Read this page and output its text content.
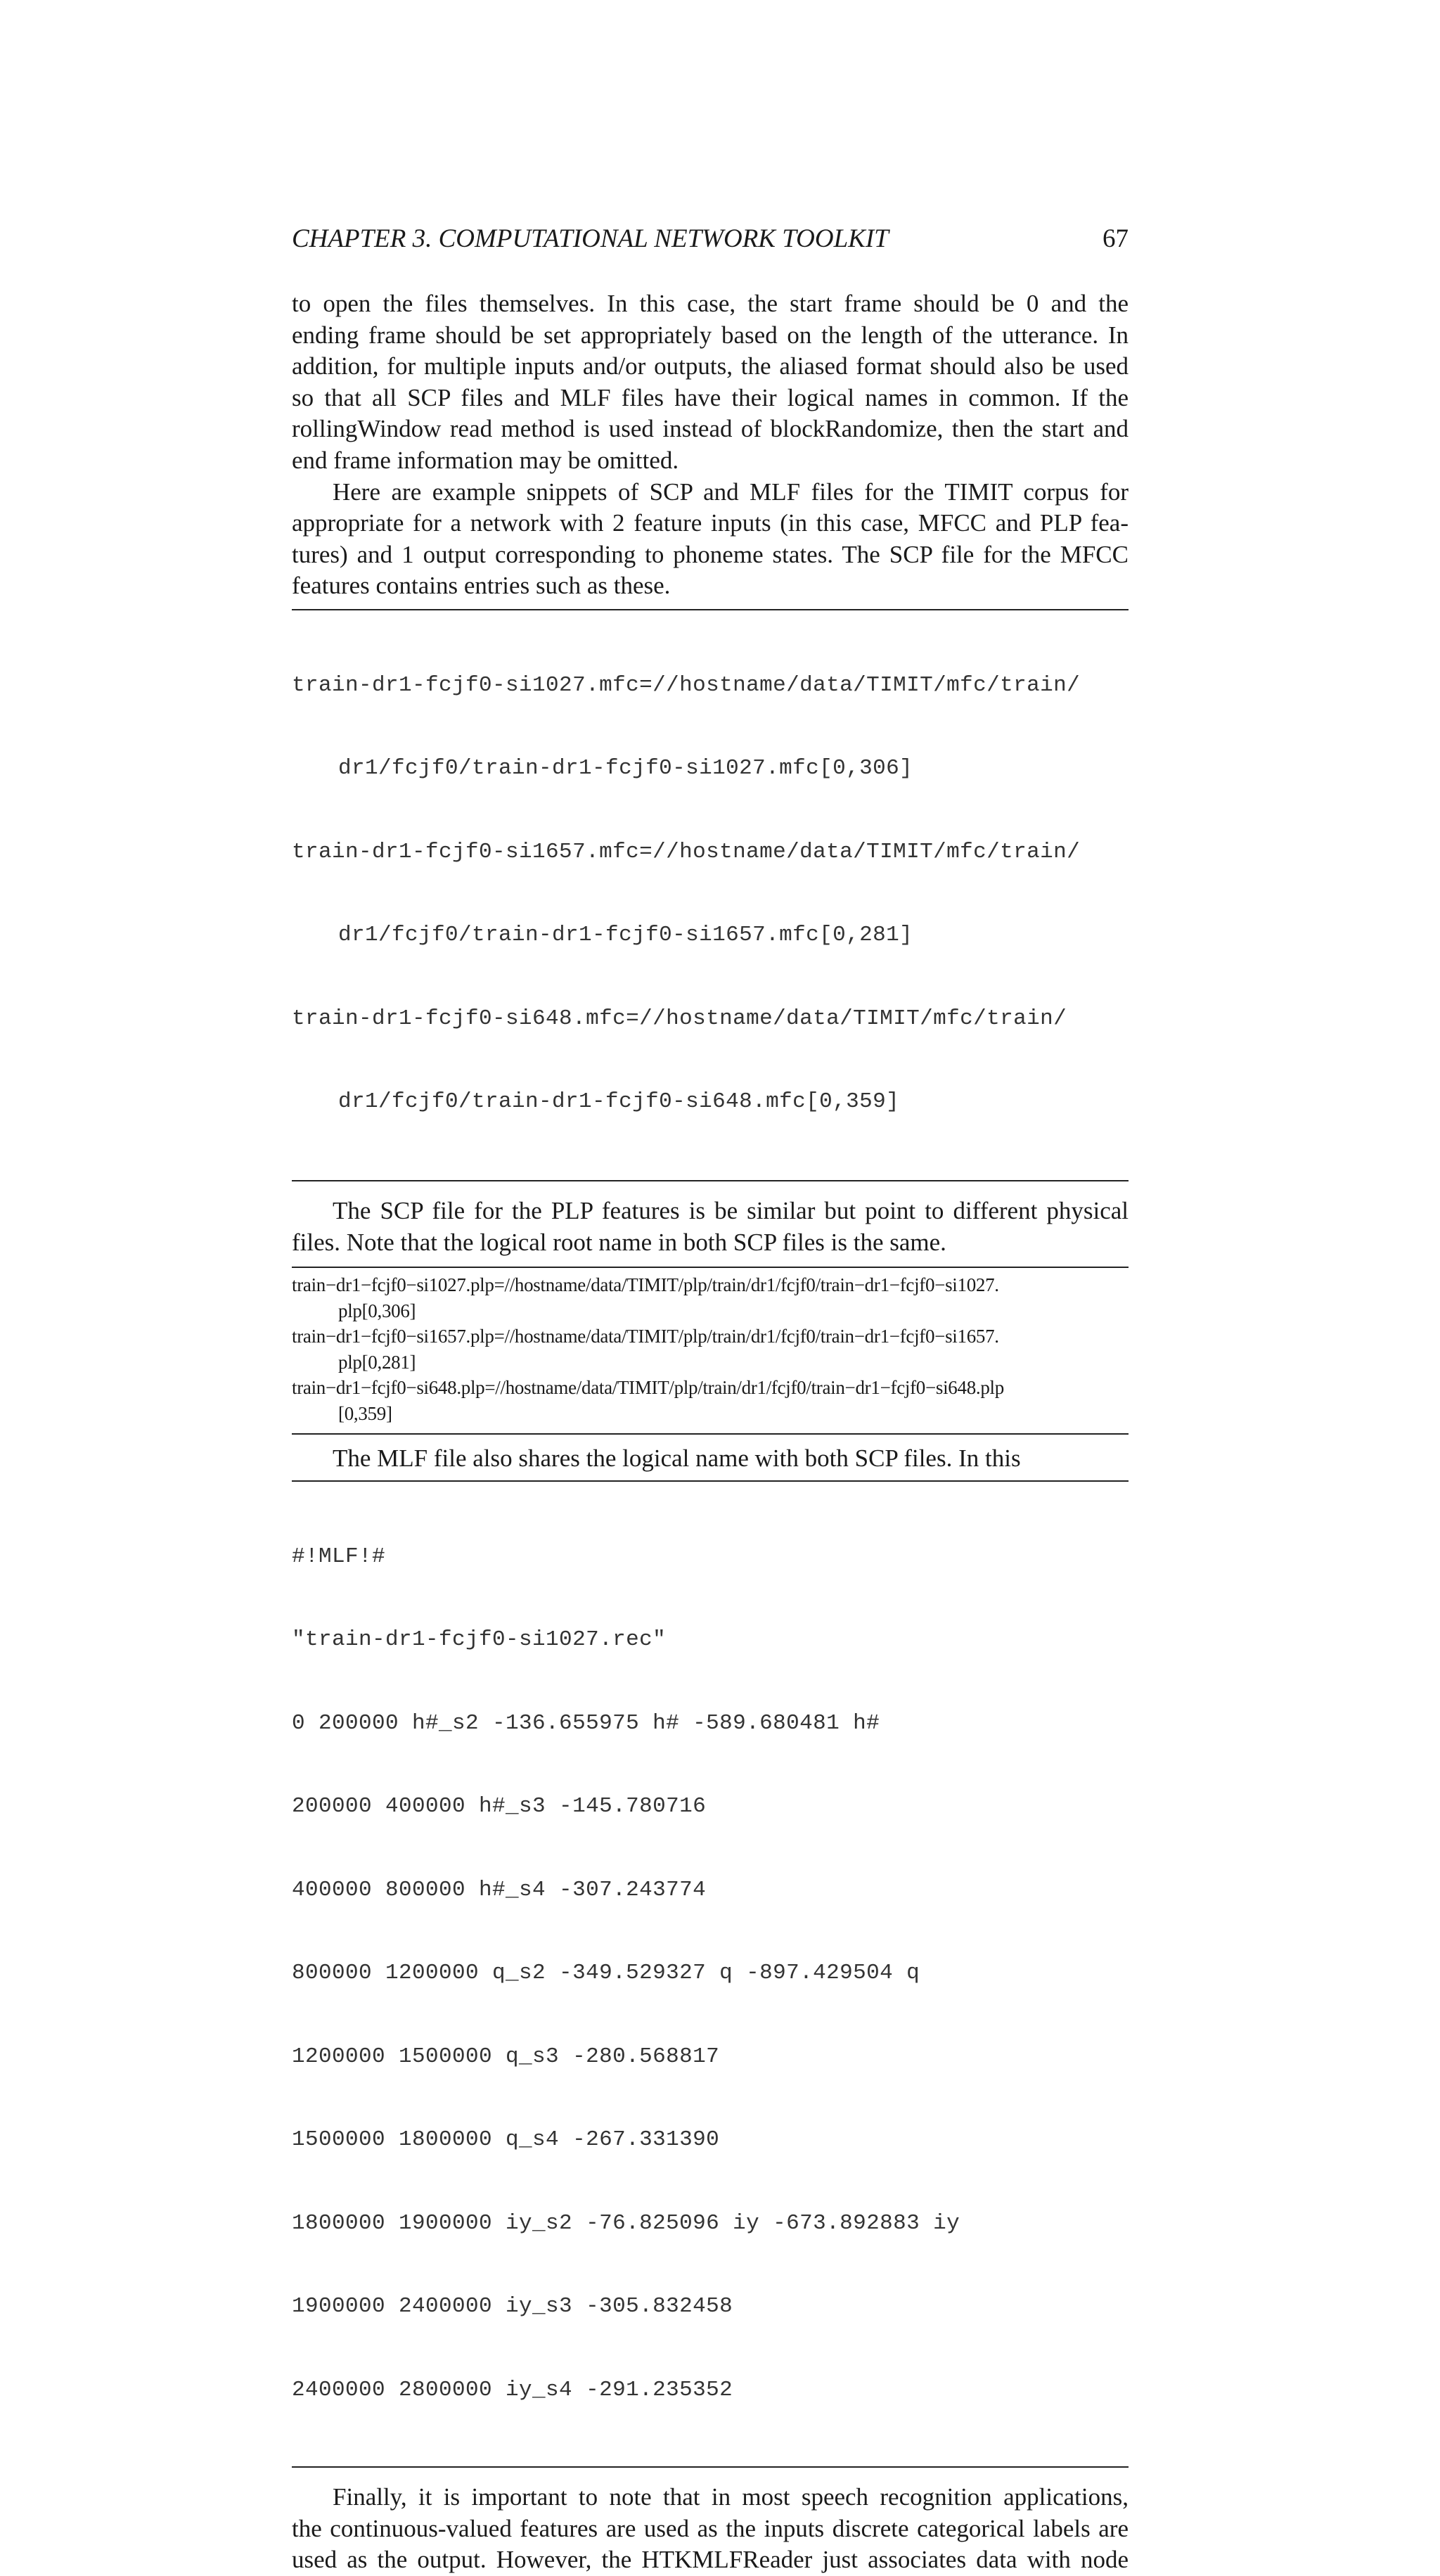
CHAPTER 3. COMPUTATIONAL NETWORK TOOLKIT	67
to open the files themselves. In this case, the start frame should be 0 and the
ending frame should be set appropriately based on the length of the utterance. In
addition, for multiple inputs and/or outputs, the aliased format should also be used
so that all SCP files and MLF files have their logical names in common. If the
rollingWindow read method is used instead of blockRandomize, then the start and
end frame information may be omitted.
Here are example snippets of SCP and MLF files for the TIMIT corpus for
appropriate for a network with 2 feature inputs (in this case, MFCC and PLP fea-
tures) and 1 output corresponding to phoneme states. The SCP file for the MFCC
features contains entries such as these.

train-dr1-fcjf0-si1027.mfc=//hostname/data/TIMIT/mfc/train/

dr1/fcjf0/train-dr1-fcjf0-si1027.mfc[0,306]

train-dr1-fcjf0-si1657.mfc=//hostname/data/TIMIT/mfc/train/

dr1/fcjf0/train-dr1-fcjf0-si1657.mfc[0,281]

train-dr1-fcjf0-si648.mfc=//hostname/data/TIMIT/mfc/train/

dr1/fcjf0/train-dr1-fcjf0-si648.mfc[0,359]

The SCP file for the PLP features is be similar but point to different physical
files. Note that the logical root name in both SCP files is the same.
train−dr1−fcjf0−si1027.plp=//hostname/data/TIMIT/plp/train/dr1/fcjf0/train−dr1−fcjf0−si1027.
plp[0,306]
train−dr1−fcjf0−si1657.plp=//hostname/data/TIMIT/plp/train/dr1/fcjf0/train−dr1−fcjf0−si1657.
plp[0,281]
train−dr1−fcjf0−si648.plp=//hostname/data/TIMIT/plp/train/dr1/fcjf0/train−dr1−fcjf0−si648.plp
[0,359]
The MLF file also shares the logical name with both SCP files. In this

#!MLF!#

"train-dr1-fcjf0-si1027.rec"

0 200000 h#_s2 -136.655975 h# -589.680481 h#

200000 400000 h#_s3 -145.780716

400000 800000 h#_s4 -307.243774

800000 1200000 q_s2 -349.529327 q -897.429504 q

1200000 1500000 q_s3 -280.568817

1500000 1800000 q_s4 -267.331390

1800000 1900000 iy_s2 -76.825096 iy -673.892883 iy

1900000 2400000 iy_s3 -305.832458

2400000 2800000 iy_s4 -291.235352

Finally, it is important to note that in most speech recognition applications,
the continuous-valued features are used as the inputs discrete categorical labels are
used as the output. However, the HTKMLFReader just associates data with node
